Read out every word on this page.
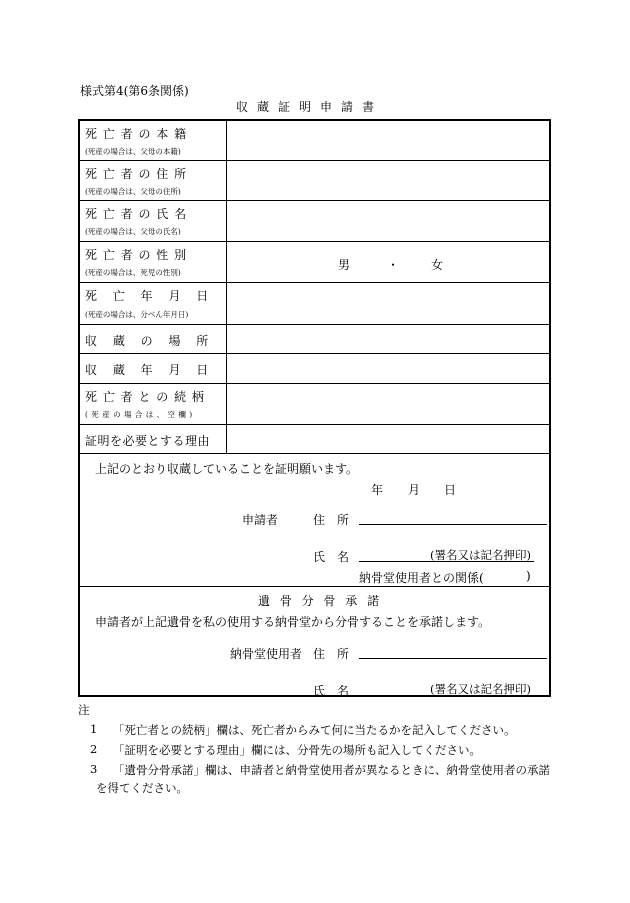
様式第4(第6条関係)
収蔵証明申請書
死 亡 者 の 本 籍
(死産の場合は、父母の本籍)
死 亡 者 の 住 所
(死産の場合は、父母の住所)
死 亡 者 の 氏 名
(死産の場合は、父母の氏名)
死 亡 者 の 性 別
(死産の場合は、死児の性別)
男	・	女
死　 亡　 年　 月　 日
(死産の場合は、分べん年月日)
収　 蔵　 の　 場　 所
収　 蔵　 年　 月　 日
死 亡 者 と の 続 柄
( 死 産 の 場 合 は 、 空 欄 )
証明を必要とする理由
上記のとおり収蔵していることを証明願います。
年 月 日
申請者	住　所
氏　名	(署名又は記名押印)
納骨堂使用者との関係(	)
遺 骨 分 骨 承 諾
申請者が上記遺骨を私の使用する納骨堂から分骨することを承諾します。
納骨堂使用者 住　所
氏　名	(署名又は記名押印)
注
1 「死亡者との続柄」欄は、死亡者からみて何に当たるかを記入してください。
2 「証明を必要とする理由」欄には、分骨先の場所も記入してください。
3 「遺骨分骨承諾」欄は、申請者と納骨堂使用者が異なるときに、納骨堂使用者の承諾
を得てください。
